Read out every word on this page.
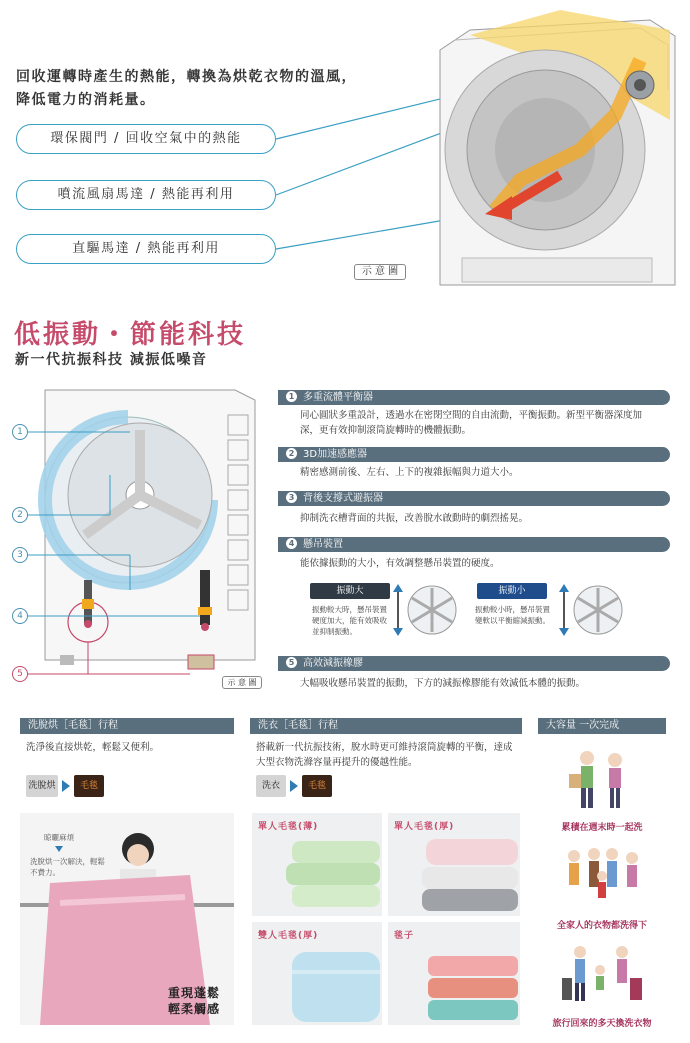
回收運轉時產生的熱能，轉換為烘乾衣物的溫風，
降低電力的消耗量。
環保閥門 / 回收空氣中的熱能
噴流風扇馬達 / 熱能再利用
直驅馬達 / 熱能再利用
示 意 圖
低振動・節能科技
新一代抗振科技 減振低噪音
1
2
3
4
5
示 意 圖
1 多重流體平衡器
同心圓狀多重設計，透過水在密閉空間的自由流動，平衡振動。新型平衡器深度加深，更有效抑制滾筒旋轉時的機體振動。
2 3D加速感應器
精密感測前後、左右、上下的複雜振幅與力道大小。
3 背後支撐式避振器
抑制洗衣槽背面的共振，改善脫水啟動時的劇烈搖晃。
4 懸吊裝置
能依據振動的大小，有效調整懸吊裝置的硬度。
振動大
振動較大時，懸吊裝置硬度加大，能有效吸收並抑制振動。
振動小
振動較小時，懸吊裝置變軟以平衡縮減振動。
5 高效減振橡膠
大幅吸收懸吊裝置的振動，下方的減振橡膠能有效減低本體的振動。
洗脫烘［毛毯］行程
洗淨後直接烘乾，輕鬆又便利。
洗脫烘	毛毯
晾曬麻煩
洗脫烘一次解決，輕鬆不費力。
重現蓬鬆
輕柔觸感
洗衣［毛毯］行程
搭載新一代抗振技術，脫水時更可維持滾筒旋轉的平衡，達成大型衣物洗滌容量再提升的優越性能。
洗衣	毛毯
單人毛毯(薄)	單人毛毯(厚)
雙人毛毯(厚)	毯子
大容量 一次完成
累積在週末時一起洗
全家人的衣物都洗得下
旅行回來的多天換洗衣物
